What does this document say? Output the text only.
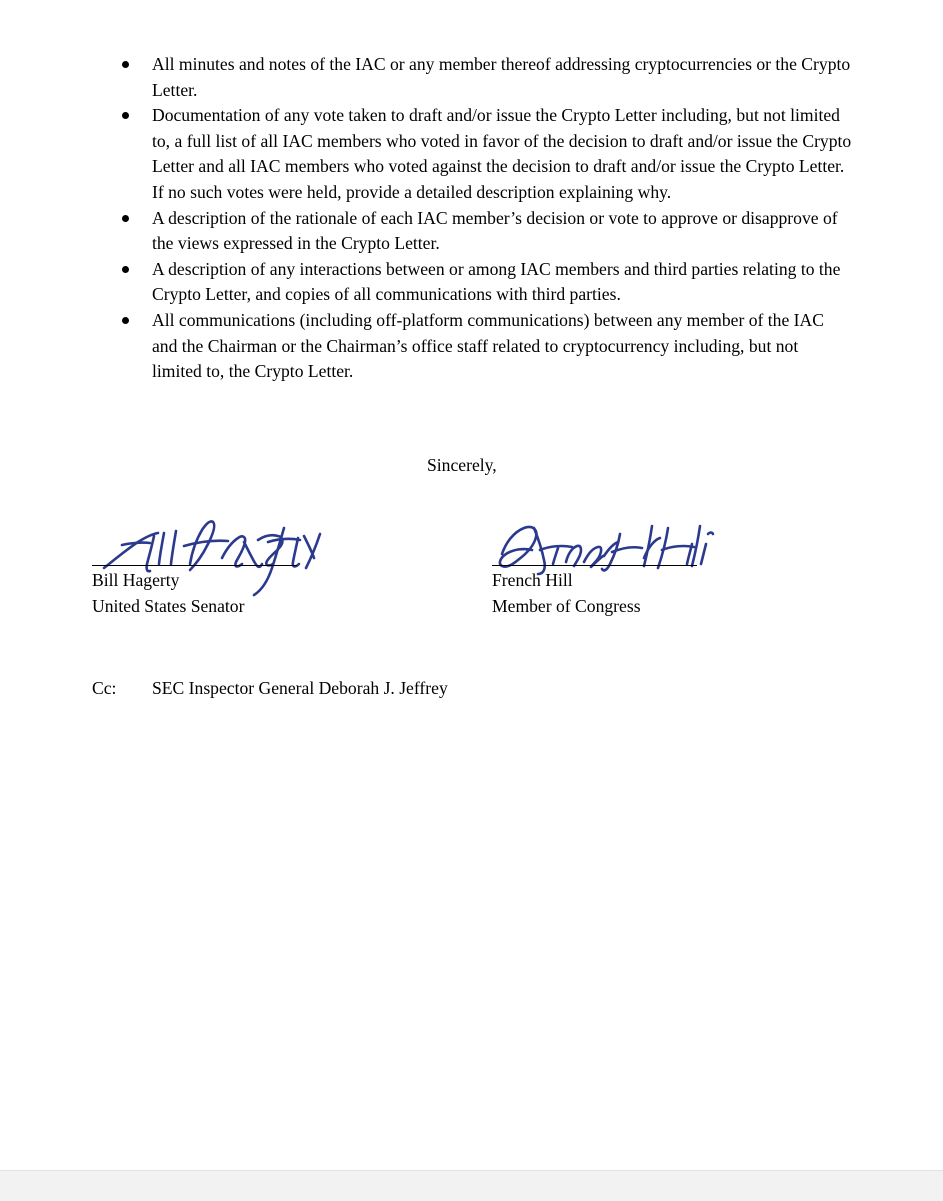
All minutes and notes of the IAC or any member thereof addressing cryptocurrencies or the Crypto Letter.
Documentation of any vote taken to draft and/or issue the Crypto Letter including, but not limited to, a full list of all IAC members who voted in favor of the decision to draft and/or issue the Crypto Letter and all IAC members who voted against the decision to draft and/or issue the Crypto Letter. If no such votes were held, provide a detailed description explaining why.
A description of the rationale of each IAC member’s decision or vote to approve or disapprove of the views expressed in the Crypto Letter.
A description of any interactions between or among IAC members and third parties relating to the Crypto Letter, and copies of all communications with third parties.
All communications (including off-platform communications) between any member of the IAC and the Chairman or the Chairman’s office staff related to cryptocurrency including, but not limited to, the Crypto Letter.
Sincerely,
Bill Hagerty
United States Senator
French Hill
Member of Congress
Cc: SEC Inspector General Deborah J. Jeffrey
